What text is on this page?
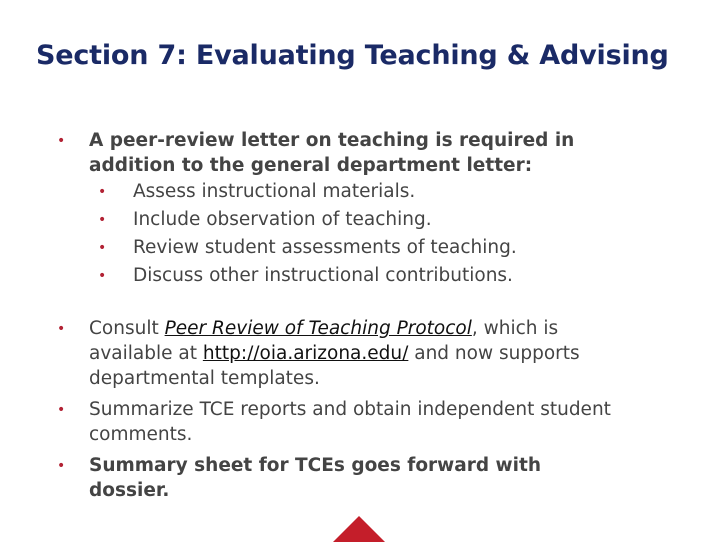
Section 7: Evaluating Teaching & Advising
• A peer-review letter on teaching is required in
addition to the general department letter:
• Assess instructional materials.
• Include observation of teaching.
• Review student assessments of teaching.
• Discuss other instructional contributions.
• Consult Peer Review of Teaching Protocol, which is
available at http://oia.arizona.edu/ and now supports
departmental templates.
• Summarize TCE reports and obtain independent student
comments.
• Summary sheet for TCEs goes forward with
dossier.
